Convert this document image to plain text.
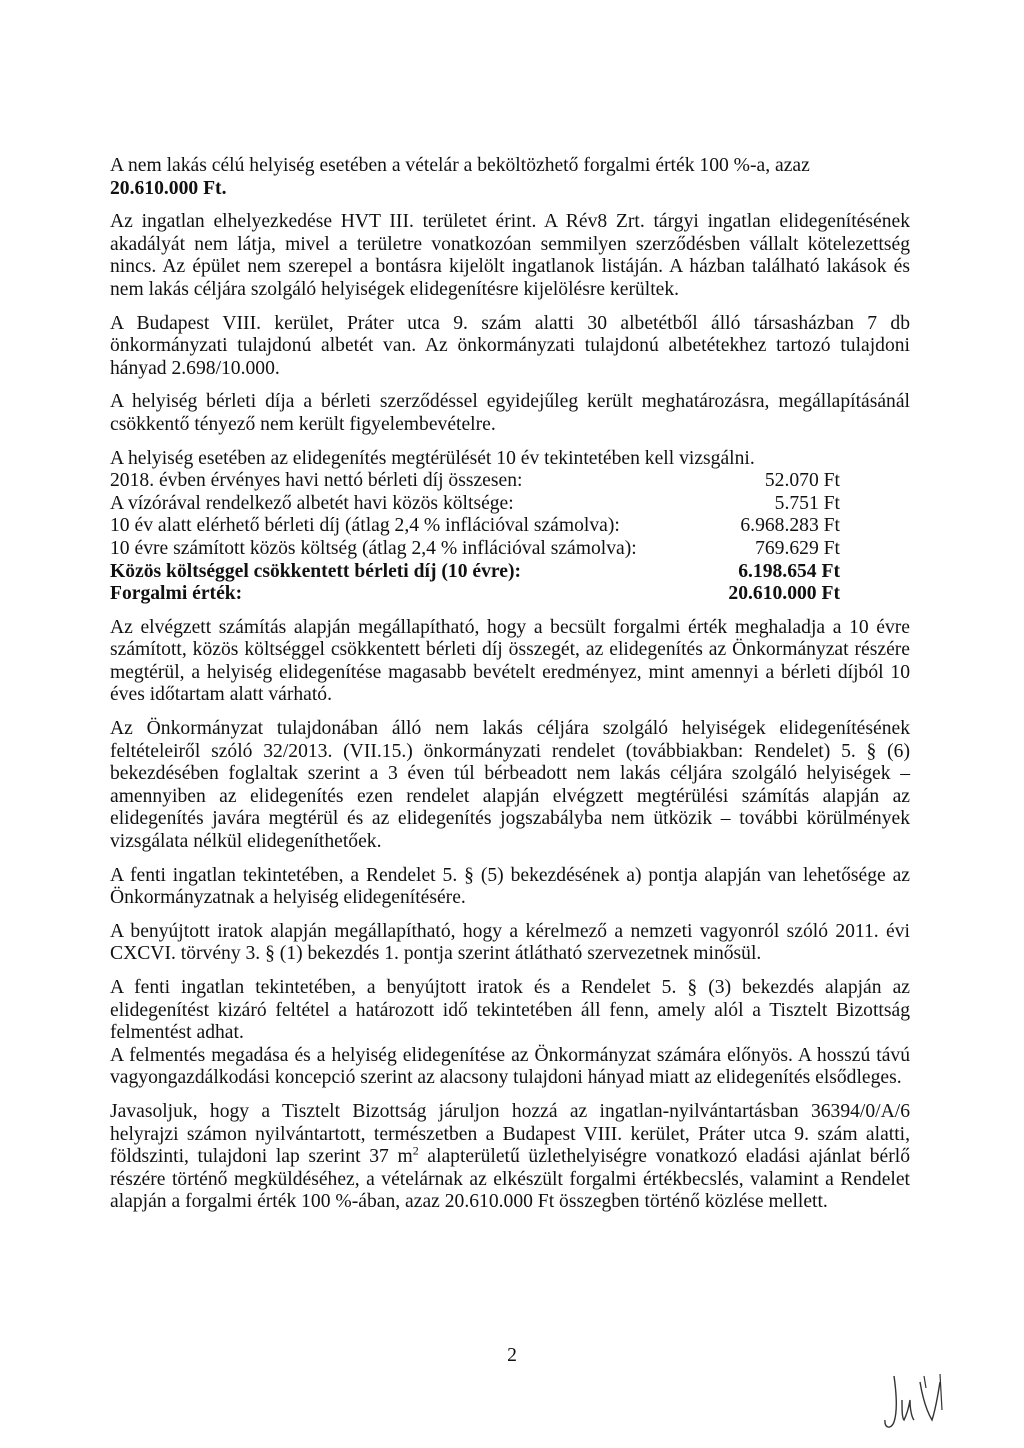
A nem lakás célú helyiség esetében a vételár a beköltözhető forgalmi érték 100 %-a, azaz
20.610.000 Ft.

Az ingatlan elhelyezkedése HVT III. területet érint. A Rév8 Zrt. tárgyi ingatlan elidegenítésének akadályát nem látja, mivel a területre vonatkozóan semmilyen szerződésben vállalt kötelezettség nincs. Az épület nem szerepel a bontásra kijelölt ingatlanok listáján. A házban található lakások és nem lakás céljára szolgáló helyiségek elidegenítésre kijelölésre kerültek.

A Budapest VIII. kerület, Práter utca 9. szám alatti 30 albetétből álló társasházban 7 db önkormányzati tulajdonú albetét van. Az önkormányzati tulajdonú albetétekhez tartozó tulajdoni hányad 2.698/10.000.

A helyiség bérleti díja a bérleti szerződéssel egyidejűleg került meghatározásra, megállapításánál csökkentő tényező nem került figyelembevételre.

A helyiség esetében az elidegenítés megtérülését 10 év tekintetében kell vizsgálni.

2018. évben érvényes havi nettó bérleti díj összesen:	52.070 Ft
A vízórával rendelkező albetét havi közös költsége:	5.751 Ft
10 év alatt elérhető bérleti díj (átlag 2,4 % inflációval számolva):	6.968.283 Ft
10 évre számított közös költség (átlag 2,4 % inflációval számolva):	769.629 Ft
Közös költséggel csökkentett bérleti díj (10 évre):	6.198.654 Ft
Forgalmi érték:	20.610.000 Ft

Az elvégzett számítás alapján megállapítható, hogy a becsült forgalmi érték meghaladja a 10 évre számított, közös költséggel csökkentett bérleti díj összegét, az elidegenítés az Önkormányzat részére megtérül, a helyiség elidegenítése magasabb bevételt eredményez, mint amennyi a bérleti díjból 10 éves időtartam alatt várható.

Az Önkormányzat tulajdonában álló nem lakás céljára szolgáló helyiségek elidegenítésének feltételeiről szóló 32/2013. (VII.15.) önkormányzati rendelet (továbbiakban: Rendelet) 5. § (6) bekezdésében foglaltak szerint a 3 éven túl bérbeadott nem lakás céljára szolgáló helyiségek – amennyiben az elidegenítés ezen rendelet alapján elvégzett megtérülési számítás alapján az elidegenítés javára megtérül és az elidegenítés jogszabályba nem ütközik – további körülmények vizsgálata nélkül elidegeníthetőek.

A fenti ingatlan tekintetében, a Rendelet 5. § (5) bekezdésének a) pontja alapján van lehetősége az Önkormányzatnak a helyiség elidegenítésére.

A benyújtott iratok alapján megállapítható, hogy a kérelmező a nemzeti vagyonról szóló 2011. évi CXCVI. törvény 3. § (1) bekezdés 1. pontja szerint átlátható szervezetnek minősül.

A fenti ingatlan tekintetében, a benyújtott iratok és a Rendelet 5. § (3) bekezdés alapján az elidegenítést kizáró feltétel a határozott idő tekintetében áll fenn, amely alól a Tisztelt Bizottság felmentést adhat.

A felmentés megadása és a helyiség elidegenítése az Önkormányzat számára előnyös. A hosszú távú vagyongazdálkodási koncepció szerint az alacsony tulajdoni hányad miatt az elidegenítés elsődleges.

Javasoljuk, hogy a Tisztelt Bizottság járuljon hozzá az ingatlan-nyilvántartásban 36394/0/A/6 helyrajzi számon nyilvántartott, természetben a Budapest VIII. kerület, Práter utca 9. szám alatti, földszinti, tulajdoni lap szerint 37 $m^2$ alapterületű üzlethelyiségre vonatkozó eladási ajánlat bérlő részére történő megküldéséhez, a vételárnak az elkészült forgalmi értékbecslés, valamint a Rendelet alapján a forgalmi érték 100 %-ában, azaz 20.610.000 Ft összegben történő közlése mellett.

2
